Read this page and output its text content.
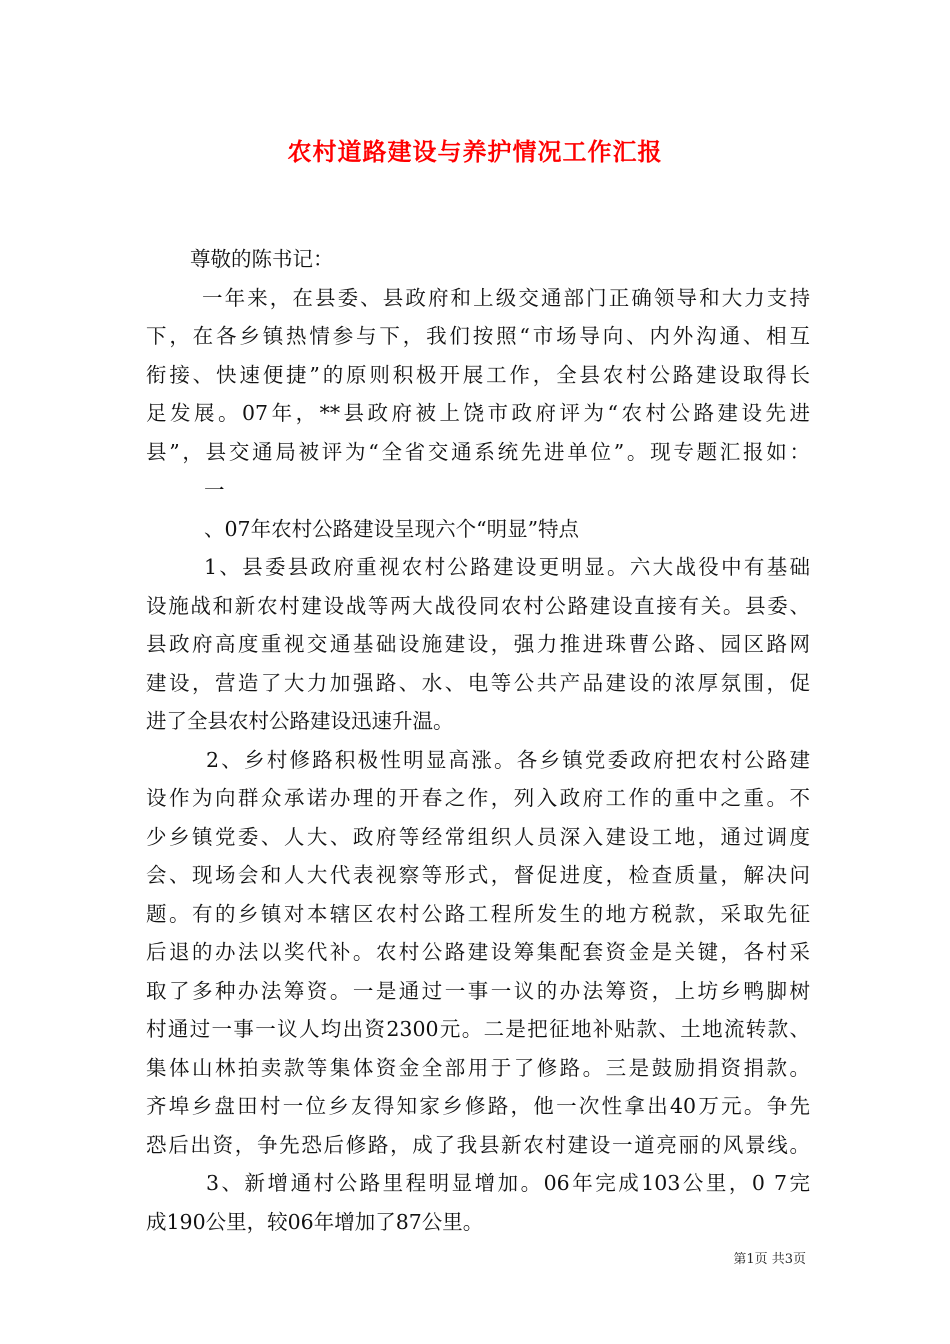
农村道路建设与养护情况工作汇报
尊敬的陈书记：
一年来，在县委、县政府和上级交通部门正确领导和大力支持
下，在各乡镇热情参与下，我们按照“市场导向、内外沟通、相互
衔接、快速便捷”的原则积极开展工作，全县农村公路建设取得长
足发展。07年，**县政府被上饶市政府评为“农村公路建设先进
县”，县交通局被评为“全省交通系统先进单位”。现专题汇报如：
一
、07年农村公路建设呈现六个“明显”特点
1、县委县政府重视农村公路建设更明显。六大战役中有基础
设施战和新农村建设战等两大战役同农村公路建设直接有关。县委、
县政府高度重视交通基础设施建设，强力推进珠曹公路、园区路网
建设，营造了大力加强路、水、电等公共产品建设的浓厚氛围，促
进了全县农村公路建设迅速升温。
2、乡村修路积极性明显高涨。各乡镇党委政府把农村公路建
设作为向群众承诺办理的开春之作，列入政府工作的重中之重。不
少乡镇党委、人大、政府等经常组织人员深入建设工地，通过调度
会、现场会和人大代表视察等形式，督促进度，检查质量，解决问
题。有的乡镇对本辖区农村公路工程所发生的地方税款，采取先征
后退的办法以奖代补。农村公路建设筹集配套资金是关键，各村采
取了多种办法筹资。一是通过一事一议的办法筹资，上坊乡鸭脚树
村通过一事一议人均出资2300元。二是把征地补贴款、土地流转款、
集体山林拍卖款等集体资金全部用于了修路。三是鼓励捐资捐款。
齐埠乡盘田村一位乡友得知家乡修路，他一次性拿出40万元。争先
恐后出资，争先恐后修路，成了我县新农村建设一道亮丽的风景线。
3、新增通村公路里程明显增加。06年完成103公里，0 7完
成190公里，较06年增加了87公里。
第1页 共3页
